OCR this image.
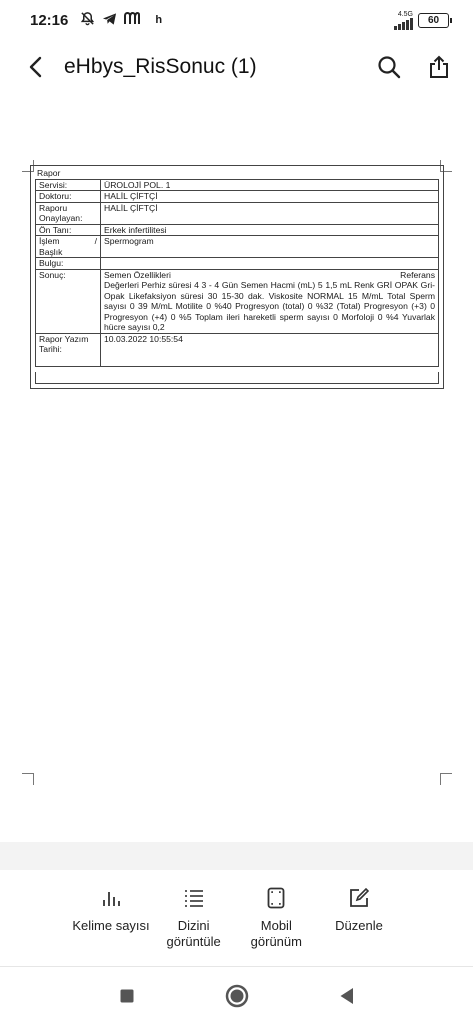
12:16	h	4.5G
60
eHbys_RisSonuc (1)
Rapor
Servisi:	ÜROLOJİ POL. 1
Doktoru:	HALİL ÇİFTÇİ
Raporu Onaylayan:	HALİL ÇİFTÇİ
Ön Tanı:	Erkek infertilitesi

İşlem /
Başlık	Spermogram
Bulgu:	
Sonuç:	Semen Özellikleri Referans
Değerleri Perhiz süresi 4 3 - 4 Gün Semen Hacmi (mL) 5 1,5 mL Renk GRİ OPAK Gri-Opak Likefaksiyon süresi 30 15-30 dak. Viskosite NORMAL 15 M/mL Total Sperm sayısı 0 39 M/mL Motilite 0 %40 Progresyon (total) 0 %32 (Total) Progresyon (+3) 0 Progresyon (+4) 0 %5 Toplam ileri hareketli sperm sayısı 0 Morfoloji 0 %4 Yuvarlak hücre sayısı 0,2

Rapor Yazım Tarihi:	10.03.2022 10:55:54
Kelime sayısı	Dizini görüntüle
Mobil görünüm
Düzenle
